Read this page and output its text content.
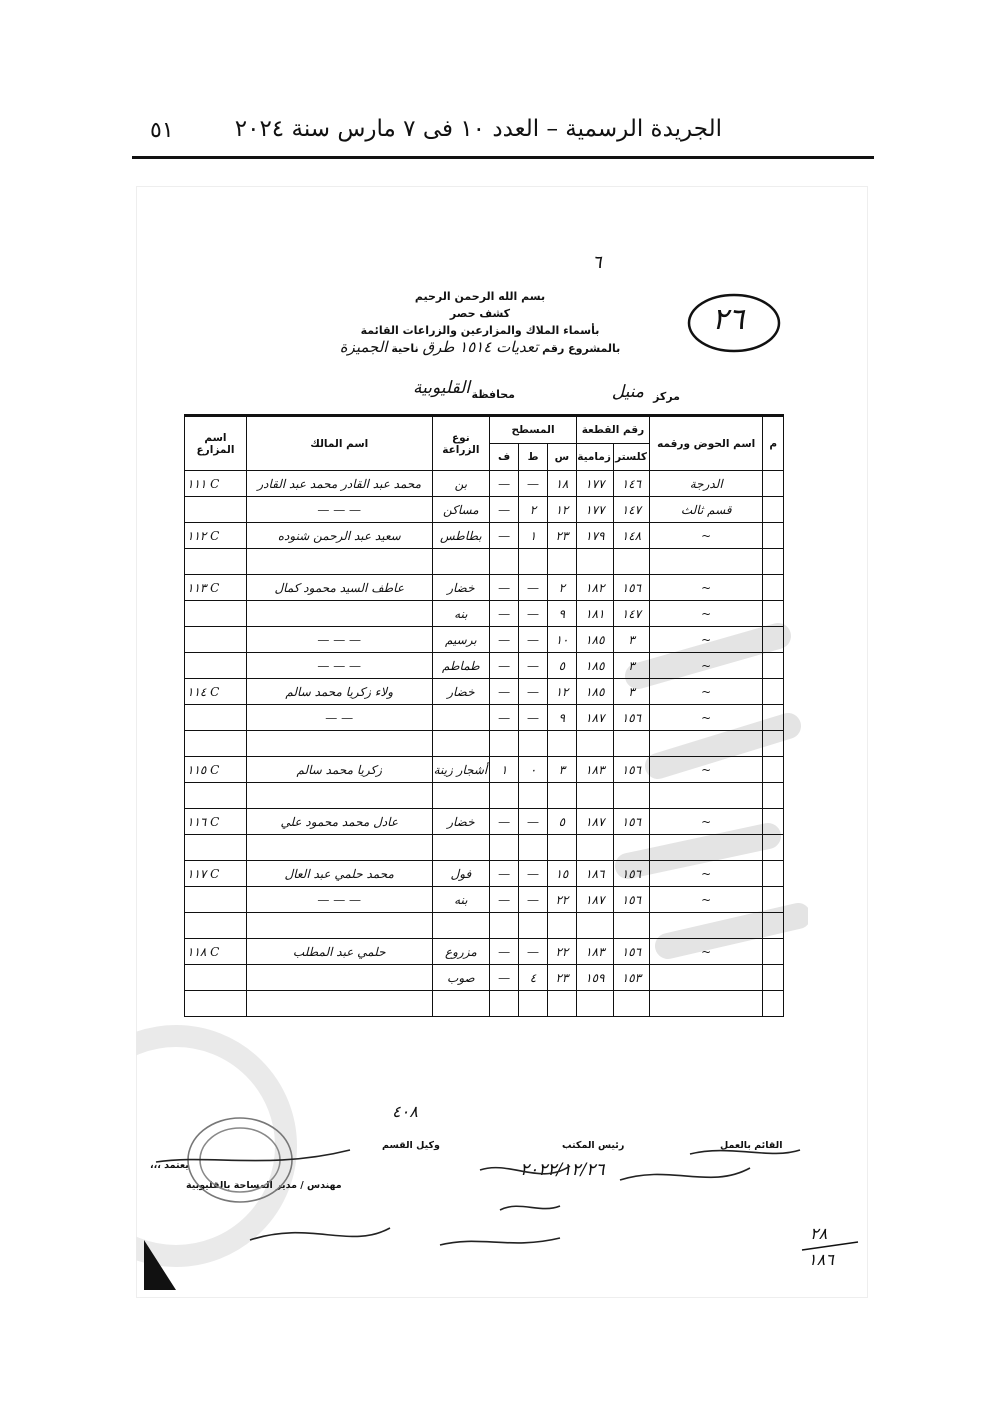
٥١	الجريدة الرسمية – العدد ١٠ فى ٧ مارس سنة ٢٠٢٤
٦
٢٦
بسم الله الرحمن الرحيم
كشف حصر
بأسماء الملاك والمزارعين والزراعات القائمة
بالمشروع رقم تعديات ١٥١٤ طرق ناحية الجميزة
مركز
منيل
محافظة
القليوبية
م	اسم الحوض ورقمه	رقم القطعة		المسطح			نوع الزراعة	اسم المالك	اسم المزارع
		كلستر	زمامية	س	ط	ف			
	الدرجة	١٤٦	١٧٧	١٨	—	—	بن	محمد عبد القادر محمد عبد القادر	١١١ C
	قسم ثالث	١٤٧	١٧٧	١٢	٢	—	مساكن	— — —	
	~	١٤٨	١٧٩	٢٣	١	—	بطاطس	سعيد عبد الرحمن شنوده	١١٢ C

	~	١٥٦	١٨٢	٢	—	—	خضار	عاطف السيد محمود كمال	١١٣ C
	~	١٤٧	١٨١	٩	—	—	بنه		
	~	٣	١٨٥	١٠	—	—	برسيم	— — —	
	~	٣	١٨٥	٥	—	—	طماطم	— — —	
	~	٣	١٨٥	١٢	—	—	خضار	ولاء زكريا محمد سالم	١١٤ C
	~	١٥٦	١٨٧	٩	—	—		— —	

	~	١٥٦	١٨٣	٣	٠	١	أشجار زينة	زكريا محمد سالم	١١٥ C

	~	١٥٦	١٨٧	٥	—	—	خضار	عادل محمد محمود علي	١١٦ C

	~	١٥٦	١٨٦	١٥	—	—	فول	محمد حلمي عبد العال	١١٧ C
	~	١٥٦	١٨٧	٢٢	—	—	بنه	— — —	

	~	١٥٦	١٨٣	٢٢	—	—	مزروع	حلمي عبد المطلب	١١٨ C
		١٥٣	١٥٩	٢٣	٤	—	صوب		

٤٠٨
القائم بالعمل
رئيس المكتب
وكيل القسم
يعتمد ،،،
مهندس / مدير المساحة بالقليوبية
٢٠٢٢/١٢/٢٦
٢٨
١٨٦
